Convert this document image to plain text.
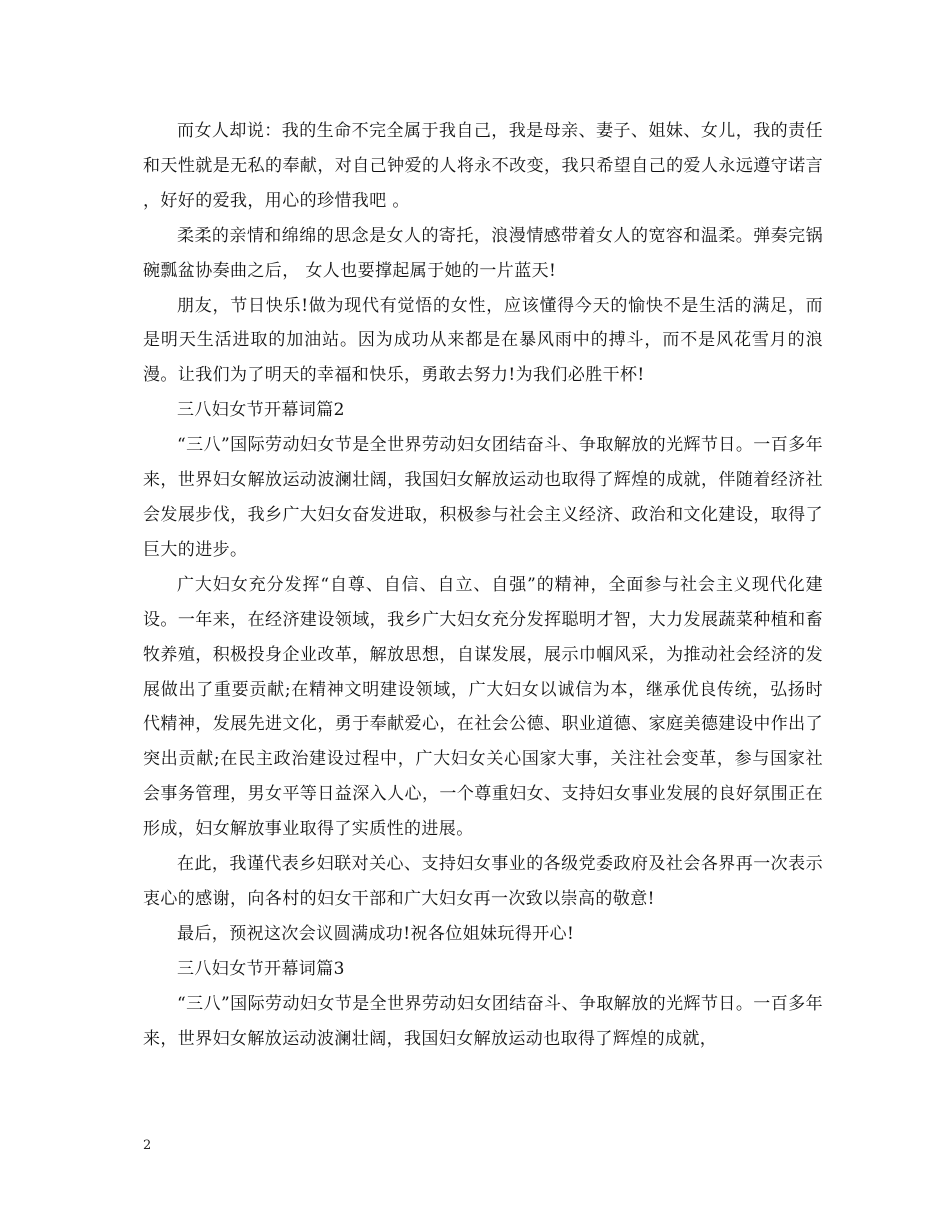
而女人却说：我的生命不完全属于我自己，我是母亲、妻子、姐妹、女儿，我的责任和天性就是无私的奉献，对自己钟爱的人将永不改变，我只希望自己的爱人永远遵守诺言 ，好好的爱我，用心的珍惜我吧 。

柔柔的亲情和绵绵的思念是女人的寄托，浪漫情感带着女人的宽容和温柔。弹奏完锅碗瓢盆协奏曲之后， 女人也要撑起属于她的一片蓝天!

朋友，节日快乐!做为现代有觉悟的女性，应该懂得今天的愉快不是生活的满足，而是明天生活进取的加油站。因为成功从来都是在暴风雨中的搏斗，而不是风花雪月的浪漫。让我们为了明天的幸福和快乐，勇敢去努力!为我们必胜干杯!

三八妇女节开幕词篇2

“三八”国际劳动妇女节是全世界劳动妇女团结奋斗、争取解放的光辉节日。一百多年来，世界妇女解放运动波澜壮阔，我国妇女解放运动也取得了辉煌的成就，伴随着经济社会发展步伐，我乡广大妇女奋发进取，积极参与社会主义经济、政治和文化建设，取得了巨大的进步。

广大妇女充分发挥“自尊、自信、自立、自强”的精神，全面参与社会主义现代化建设。一年来，在经济建设领域，我乡广大妇女充分发挥聪明才智，大力发展蔬菜种植和畜牧养殖，积极投身企业改革，解放思想，自谋发展，展示巾帼风采，为推动社会经济的发展做出了重要贡献;在精神文明建设领域，广大妇女以诚信为本，继承优良传统，弘扬时代精神，发展先进文化，勇于奉献爱心，在社会公德、职业道德、家庭美德建设中作出了突出贡献;在民主政治建设过程中，广大妇女关心国家大事，关注社会变革，参与国家社会事务管理，男女平等日益深入人心，一个尊重妇女、支持妇女事业发展的良好氛围正在形成，妇女解放事业取得了实质性的进展。

在此，我谨代表乡妇联对关心、支持妇女事业的各级党委政府及社会各界再一次表示衷心的感谢，向各村的妇女干部和广大妇女再一次致以崇高的敬意!

最后，预祝这次会议圆满成功!祝各位姐妹玩得开心!

三八妇女节开幕词篇3

“三八”国际劳动妇女节是全世界劳动妇女团结奋斗、争取解放的光辉节日。一百多年来，世界妇女解放运动波澜壮阔，我国妇女解放运动也取得了辉煌的成就，

2
